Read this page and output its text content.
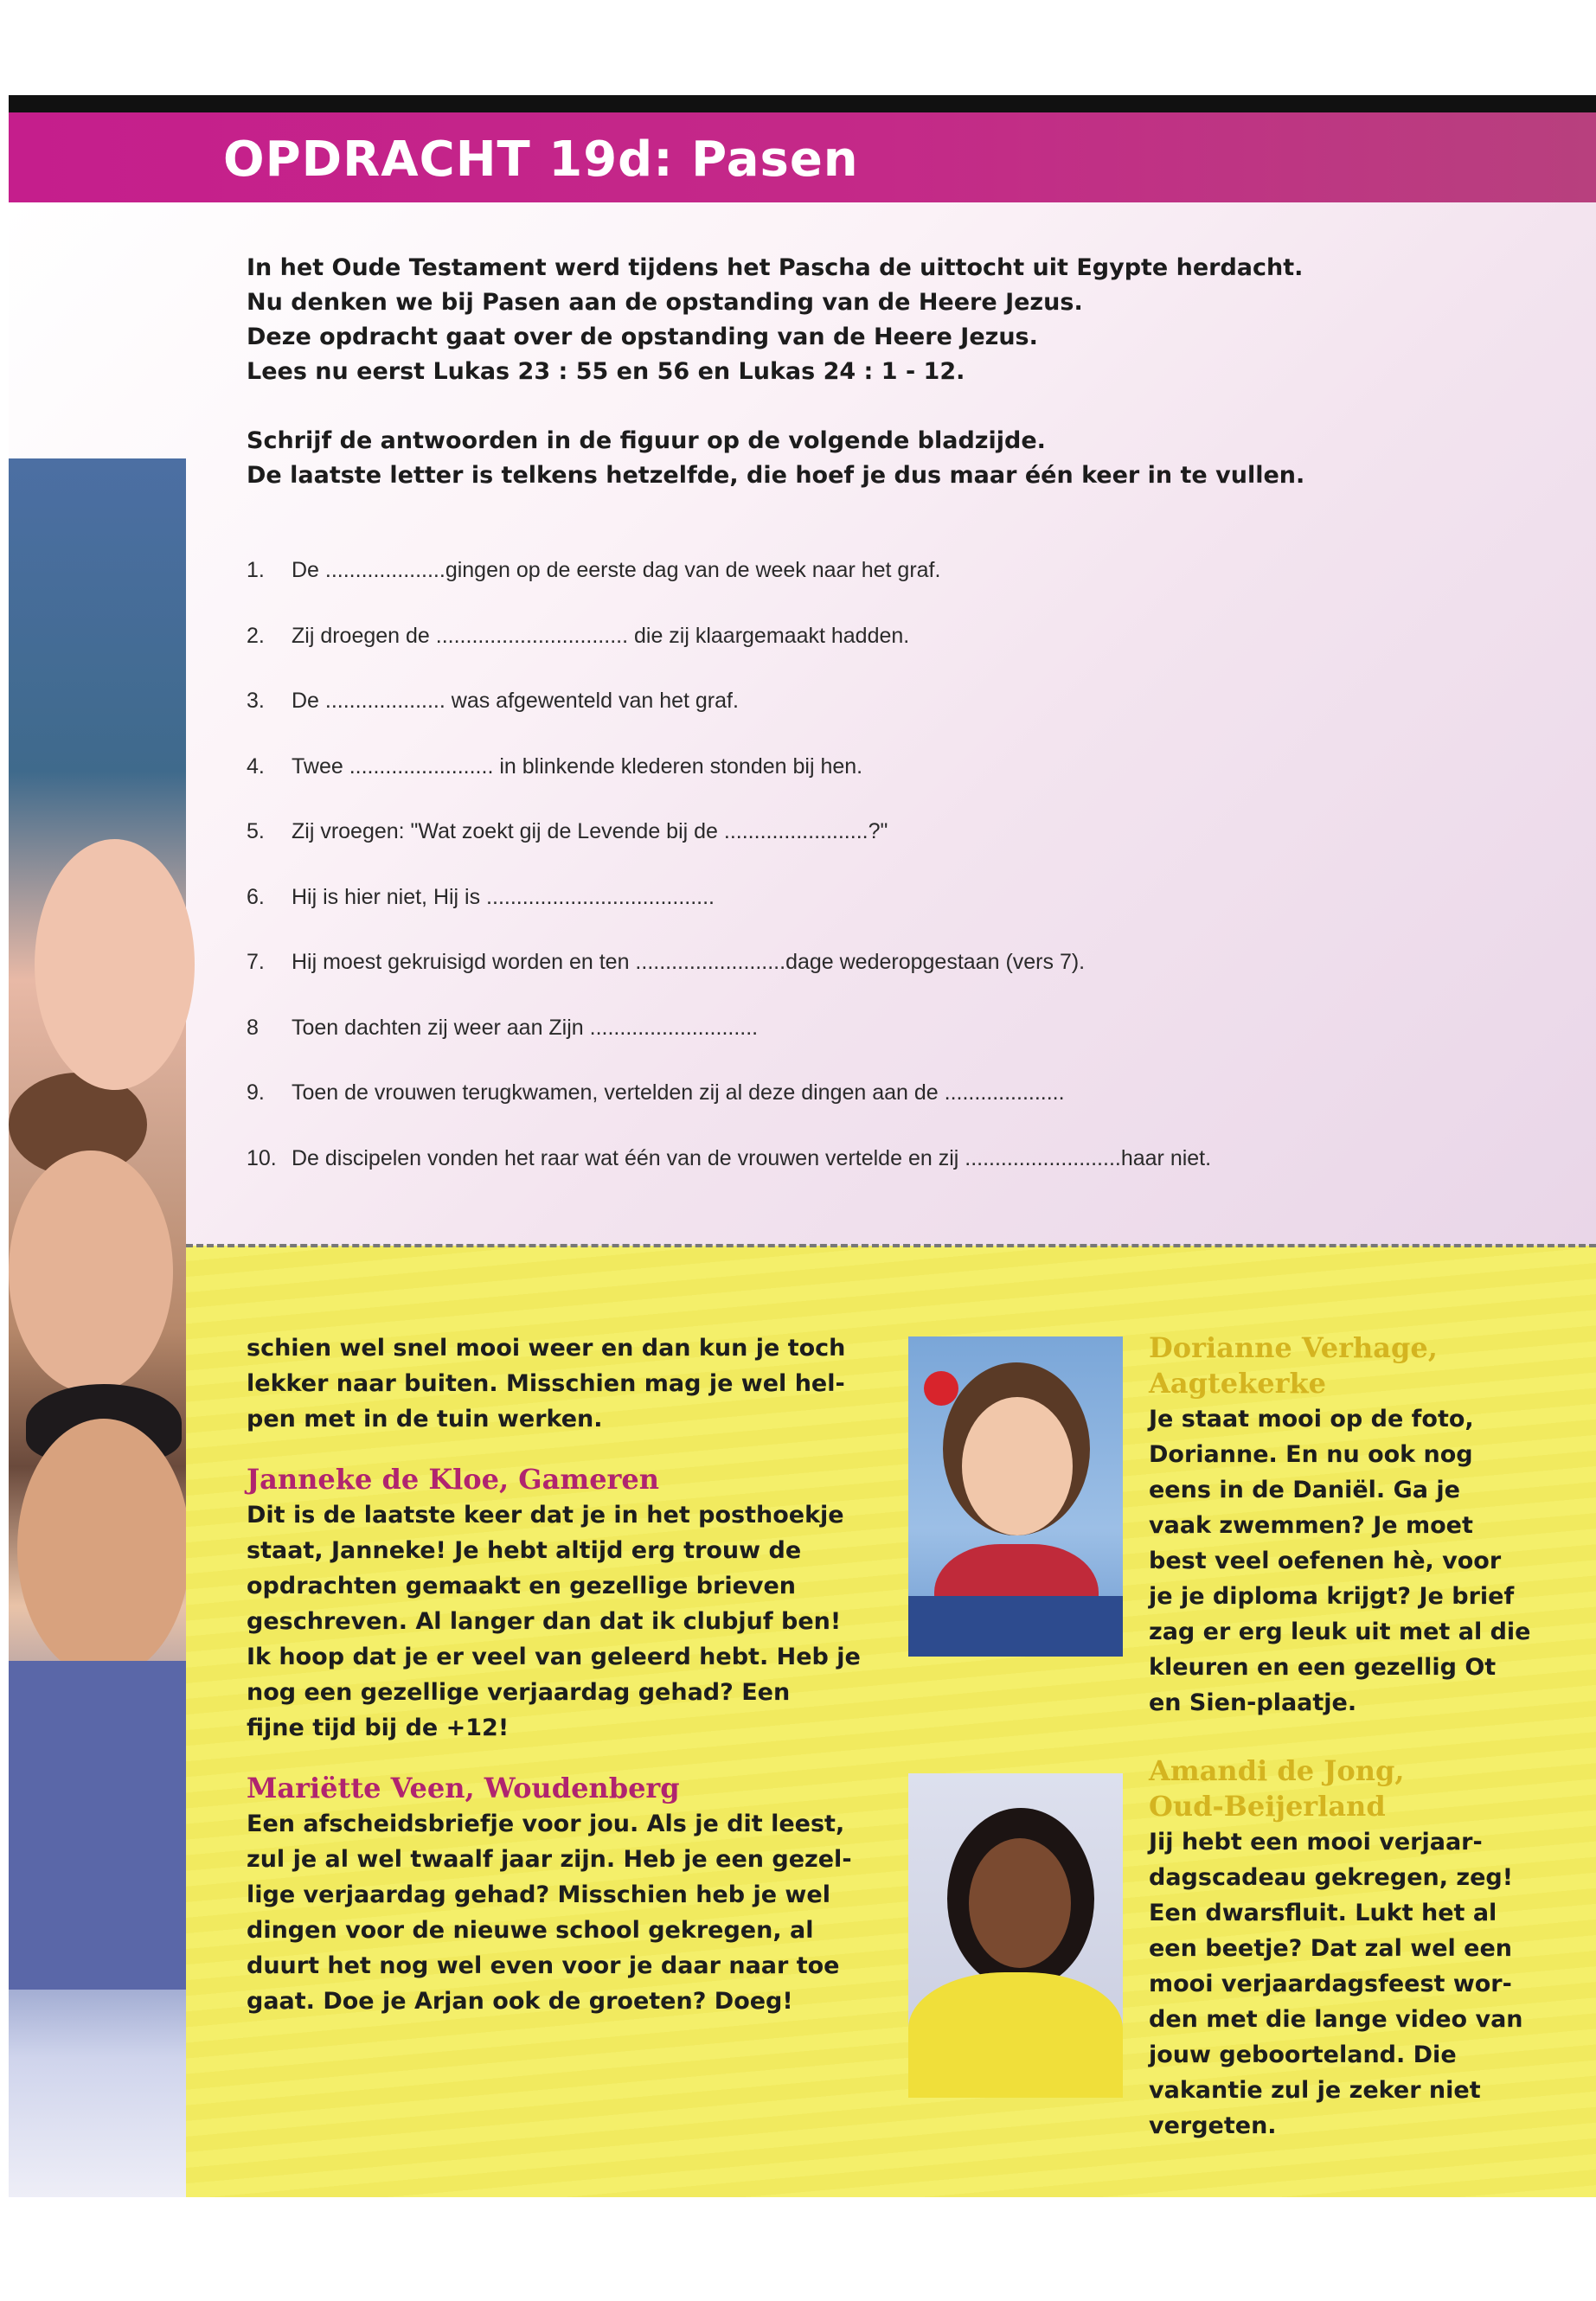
OPDRACHT 19d: Pasen

In het Oude Testament werd tijdens het Pascha de uittocht uit Egypte herdacht.

Nu denken we bij Pasen aan de opstanding van de Heere Jezus.

Deze opdracht gaat over de opstanding van de Heere Jezus.

Lees nu eerst Lukas 23 : 55 en 56 en Lukas 24 : 1 - 12.

Schrijf de antwoorden in de figuur op de volgende bladzijde.

De laatste letter is telkens hetzelfde, die hoef je dus maar één keer in te vullen.

1.	De ....................gingen op de eerste dag van de week naar het graf.
2.	Zij droegen de ................................ die zij klaargemaakt hadden.
3.	De .................... was afgewenteld van het graf.
4.	Twee ........................ in blinkende klederen stonden bij hen.
5.	Zij vroegen: "Wat zoekt gij de Levende bij de ........................?"
6.	Hij is hier niet, Hij is ......................................
7.	Hij moest gekruisigd worden en ten .........................dage wederopgestaan (vers 7).
8	Toen dachten zij weer aan Zijn ............................
9.	Toen de vrouwen terugkwamen, vertelden zij al deze dingen aan de ....................
10. De discipelen vonden het raar wat één van de vrouwen vertelde en zij ..........................haar niet.
schien wel snel mooi weer en dan kun je toch
lekker naar buiten. Misschien mag je wel hel-
pen met in de tuin werken.
Janneke de Kloe, Gameren
Dit is de laatste keer dat je in het posthoekje
staat, Janneke! Je hebt altijd erg trouw de
opdrachten gemaakt en gezellige brieven
geschreven. Al langer dan dat ik clubjuf ben!
Ik hoop dat je er veel van geleerd hebt. Heb je
nog een gezellige verjaardag gehad? Een
fijne tijd bij de +12!
Mariëtte Veen, Woudenberg
Een afscheidsbriefje voor jou. Als je dit leest,
zul je al wel twaalf jaar zijn. Heb je een gezel-
lige verjaardag gehad? Misschien heb je wel
dingen voor de nieuwe school gekregen, al
duurt het nog wel even voor je daar naar toe
gaat. Doe je Arjan ook de groeten? Doeg!
Dorianne Verhage,
Aagtekerke
Je staat mooi op de foto,
Dorianne. En nu ook nog
eens in de Daniël. Ga je
vaak zwemmen? Je moet
best veel oefenen hè, voor
je je diploma krijgt? Je brief
zag er erg leuk uit met al die
kleuren en een gezellig Ot
en Sien-plaatje.
Amandi de Jong,
Oud-Beijerland
Jij hebt een mooi verjaar-
dagscadeau gekregen, zeg!
Een dwarsfluit. Lukt het al
een beetje? Dat zal wel een
mooi verjaardagsfeest wor-
den met die lange video van
jouw geboorteland. Die
vakantie zul je zeker niet
vergeten.
